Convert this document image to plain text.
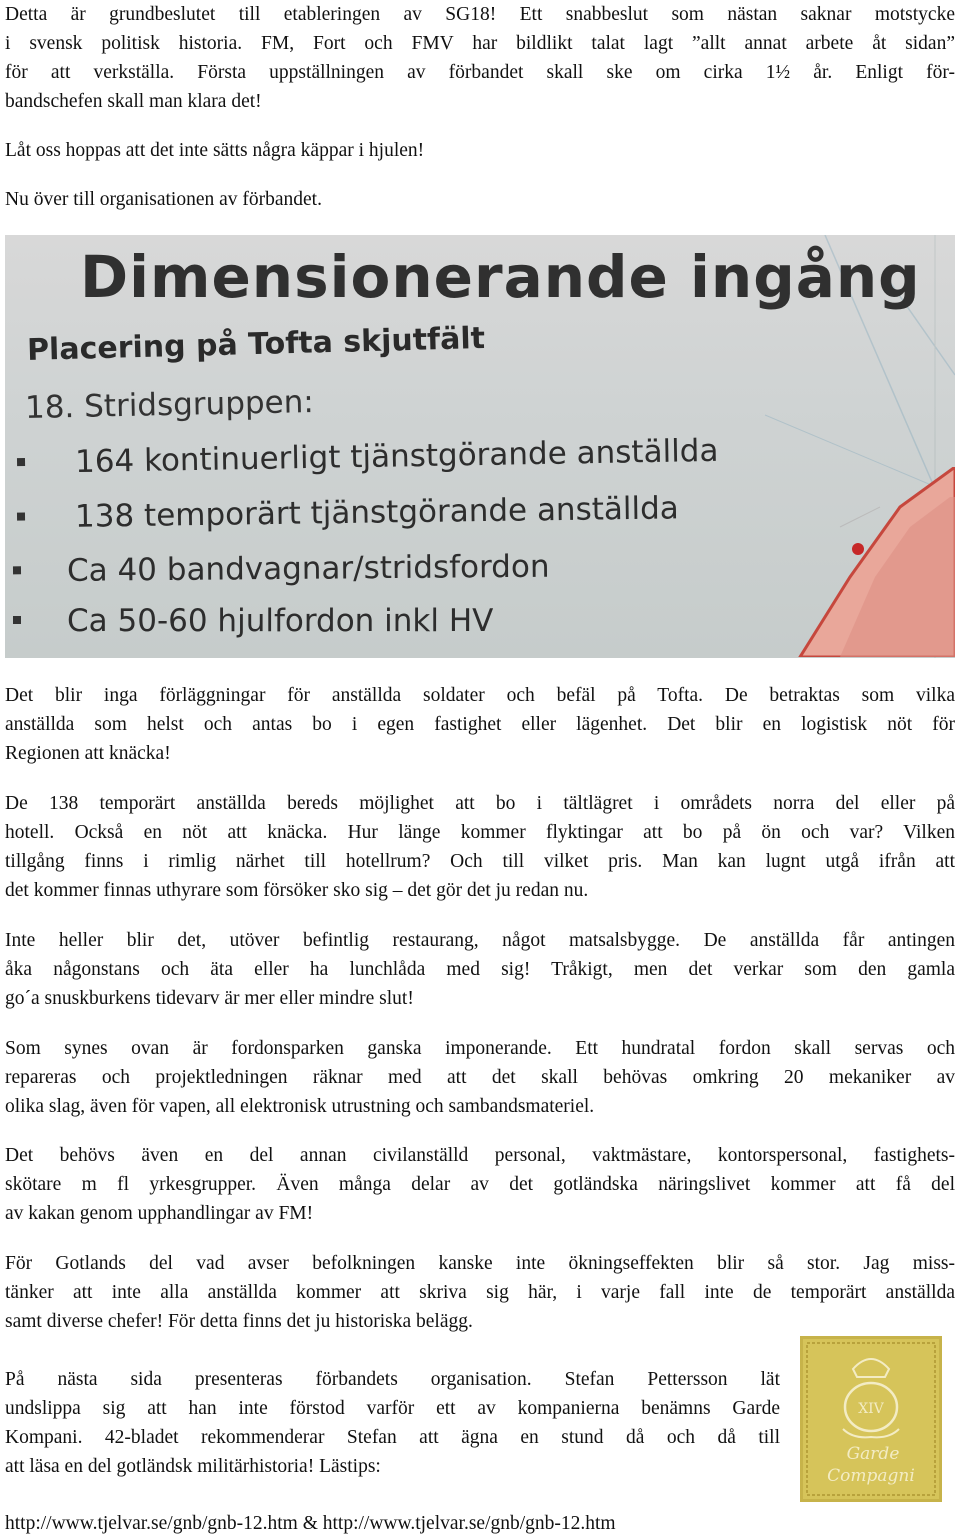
Detta är grundbeslutet till etableringen av SG18! Ett snabbeslut som nästan saknar motstycke
i svensk politisk historia. FM, Fort och FMV har bildlikt talat lagt ”allt annat arbete åt sidan”
för att verkställa. Första uppställningen av förbandet skall ske om cirka 1½ år. Enligt för-
bandschefen skall man klara det!
Låt oss hoppas att det inte sätts några käppar i hjulen!
Nu över till organisationen av förbandet.
Dimensionerande ingång
Placering på Tofta skjutfält
18. Stridsgruppen:
164 kontinuerligt tjänstgörande anställda
138 temporärt tjänstgörande anställda
Ca 40 bandvagnar/stridsfordon
Ca 50-60 hjulfordon inkl HV
Det blir inga förläggningar för anställda soldater och befäl på Tofta. De betraktas som vilka
anställda som helst och antas bo i egen fastighet eller lägenhet. Det blir en logistisk nöt för
Regionen att knäcka!
De 138 temporärt anställda bereds möjlighet att bo i tältlägret i områdets norra del eller på
hotell. Också en nöt att knäcka. Hur länge kommer flyktingar att bo på ön och var? Vilken
tillgång finns i rimlig närhet till hotellrum? Och till vilket pris. Man kan lugnt utgå ifrån att
det kommer finnas uthyrare som försöker sko sig – det gör det ju redan nu.
Inte heller blir det, utöver befintlig restaurang, något matsalsbygge. De anställda får antingen
åka någonstans och äta eller ha lunchlåda med sig! Tråkigt, men det verkar som den gamla
go´a snuskburkens tidevarv är mer eller mindre slut!
Som synes ovan är fordonsparken ganska imponerande. Ett hundratal fordon skall servas och
repareras och projektledningen räknar med att det skall behövas omkring 20 mekaniker av
olika slag, även för vapen, all elektronisk utrustning och sambandsmateriel.
Det behövs även en del annan civilanställd personal, vaktmästare, kontorspersonal, fastighets-
skötare m fl yrkesgrupper. Även många delar av det gotländska näringslivet kommer att få del
av kakan genom upphandlingar av FM!
För Gotlands del vad avser befolkningen kanske inte ökningseffekten blir så stor. Jag miss-
tänker att inte alla anställda kommer att skriva sig här, i varje fall inte de temporärt anställda
samt diverse chefer! För detta finns det ju historiska belägg.
På nästa sida presenteras förbandets organisation. Stefan Pettersson lät
undslippa sig att han inte förstod varför ett av kompanierna benämns Garde
Kompani. 42-bladet rekommenderar Stefan att ägna en stund då och då till
att läsa en del gotländsk militärhistoria! Lästips:
XIV
Garde
Compagni
http://www.tjelvar.se/gnb/gnb-12.htm & http://www.tjelvar.se/gnb/gnb-12.htm
